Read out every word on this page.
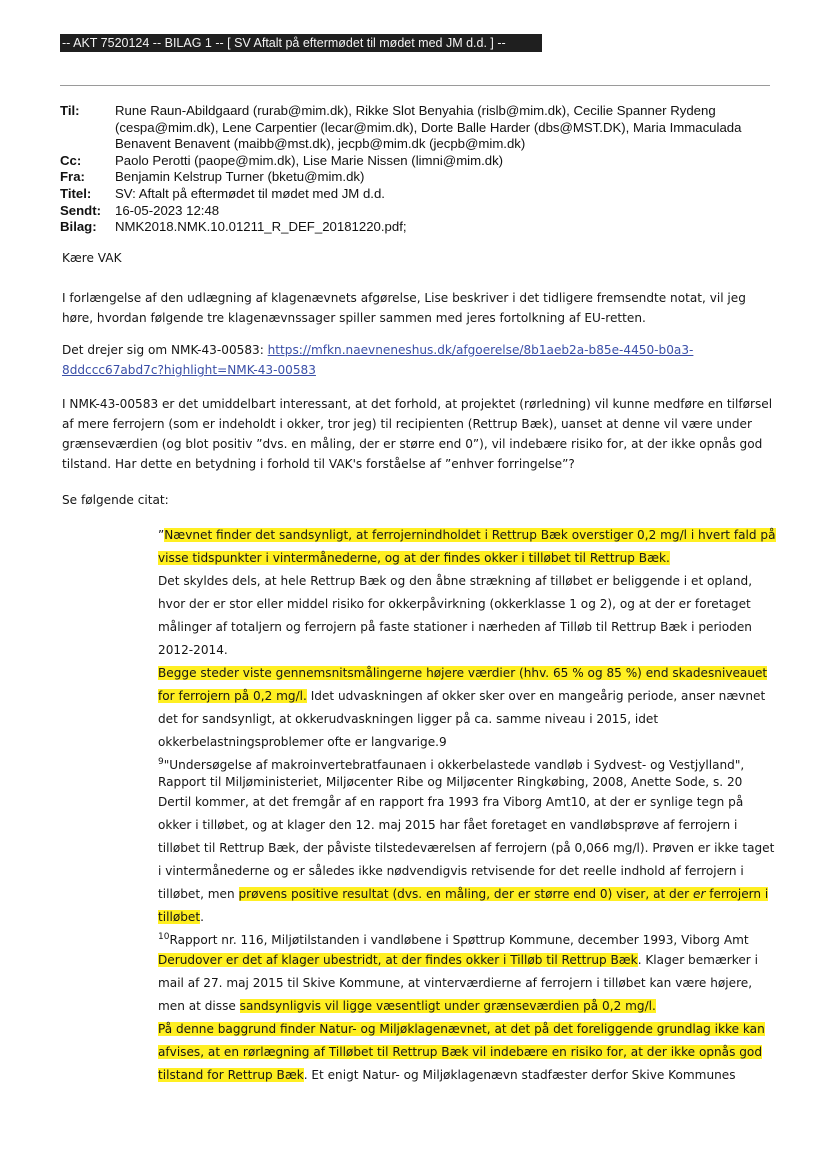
-- AKT 7520124 -- BILAG 1 -- [ SV Aftalt på eftermødet til mødet med JM d.d. ] --
Til:	Rune Raun-Abildgaard (rurab@mim.dk), Rikke Slot Benyahia (rislb@mim.dk), Cecilie Spanner Rydeng (cespa@mim.dk), Lene Carpentier (lecar@mim.dk), Dorte Balle Harder (dbs@MST.DK), Maria Immaculada Benavent Benavent (maibb@mst.dk), jecpb@mim.dk (jecpb@mim.dk)
Cc:	Paolo Perotti (paope@mim.dk), Lise Marie Nissen (limni@mim.dk)
Fra:	Benjamin Kelstrup Turner (bketu@mim.dk)
Titel:	SV: Aftalt på eftermødet til mødet med JM d.d.
Sendt:	16-05-2023 12:48
Bilag:	NMK2018.NMK.10.01211_R_DEF_20181220.pdf;

Kære VAK

I forlængelse af den udlægning af klagenævnets afgørelse, Lise beskriver i det tidligere fremsendte notat, vil jeg høre, hvordan følgende tre klagenævnssager spiller sammen med jeres fortolkning af EU-retten.

Det drejer sig om NMK-43-00583: https://mfkn.naevneneshus.dk/afgoerelse/8b1aeb2a-b85e-4450-b0a3-8ddccc67abd7c?highlight=NMK-43-00583

I NMK-43-00583 er det umiddelbart interessant, at det forhold, at projektet (rørledning) vil kunne medføre en tilførsel af mere ferrojern (som er indeholdt i okker, tror jeg) til recipienten (Rettrup Bæk), uanset at denne vil være under grænseværdien (og blot positiv ”dvs. en måling, der er større end 0”), vil indebære risiko for, at der ikke opnås god tilstand. Har dette en betydning i forhold til VAK's forståelse af ”enhver forringelse”?

Se følgende citat:

”Nævnet finder det sandsynligt, at ferrojernindholdet i Rettrup Bæk overstiger 0,2 mg/l i hvert fald på visse tidspunkter i vintermånederne, og at der findes okker i tilløbet til Rettrup Bæk.

Det skyldes dels, at hele Rettrup Bæk og den åbne strækning af tilløbet er beliggende i et opland, hvor der er stor eller middel risiko for okkerpåvirkning (okkerklasse 1 og 2), og at der er foretaget målinger af totaljern og ferrojern på faste stationer i nærheden af Tilløb til Rettrup Bæk i perioden 2012-2014.

Begge steder viste gennemsnitsmålingerne højere værdier (hhv. 65 % og 85 %) end skadesniveauet for ferrojern på 0,2 mg/l. Idet udvaskningen af okker sker over en mangeårig periode, anser nævnet det for sandsynligt, at okkerudvaskningen ligger på ca. samme niveau i 2015, idet okkerbelastningsproblemer ofte er langvarige.9

$^9$"Undersøgelse af makroinvertebratfaunaen i okkerbelastede vandløb i Sydvest- og Vestjylland", Rapport til Miljøministeriet, Miljøcenter Ribe og Miljøcenter Ringkøbing, 2008, Anette Sode, s. 20

Dertil kommer, at det fremgår af en rapport fra 1993 fra Viborg Amt10, at der er synlige tegn på okker i tilløbet, og at klager den 12. maj 2015 har fået foretaget en vandløbsprøve af ferrojern i tilløbet til Rettrup Bæk, der påviste tilstedeværelsen af ferrojern (på 0,066 mg/l). Prøven er ikke taget i vintermånederne og er således ikke nødvendigvis retvisende for det reelle indhold af ferrojern i tilløbet, men prøvens positive resultat (dvs. en måling, der er større end 0) viser, at der er ferrojern i tilløbet.

$^{10}$Rapport nr. 116, Miljøtilstanden i vandløbene i Spøttrup Kommune, december 1993, Viborg Amt

Derudover er det af klager ubestridt, at der findes okker i Tilløb til Rettrup Bæk. Klager bemærker i mail af 27. maj 2015 til Skive Kommune, at vinterværdierne af ferrojern i tilløbet kan være højere, men at disse sandsynligvis vil ligge væsentligt under grænseværdien på 0,2 mg/l.

På denne baggrund finder Natur- og Miljøklagenævnet, at det på det foreliggende grundlag ikke kan afvises, at en rørlægning af Tilløbet til Rettrup Bæk vil indebære en risiko for, at der ikke opnås god tilstand for Rettrup Bæk. Et enigt Natur- og Miljøklagenævn stadfæster derfor Skive Kommunes
